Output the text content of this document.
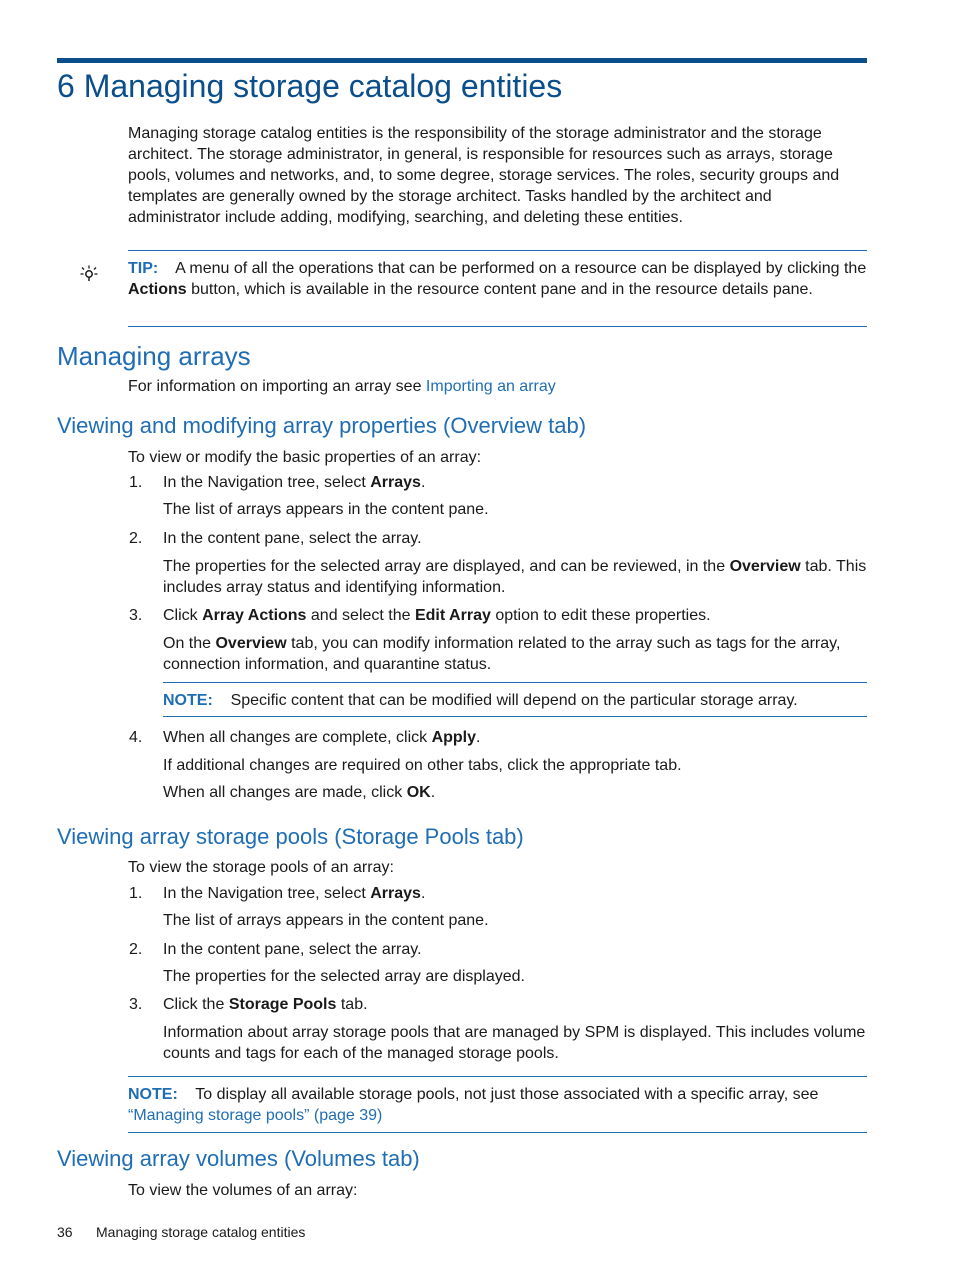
6 Managing storage catalog entities
Managing storage catalog entities is the responsibility of the storage administrator and the storage architect. The storage administrator, in general, is responsible for resources such as arrays, storage pools, volumes and networks, and, to some degree, storage services. The roles, security groups and templates are generally owned by the storage architect. Tasks handled by the architect and administrator include adding, modifying, searching, and deleting these entities.
TIP: A menu of all the operations that can be performed on a resource can be displayed by clicking the Actions button, which is available in the resource content pane and in the resource details pane.
Managing arrays
For information on importing an array see Importing an array
Viewing and modifying array properties (Overview tab)
To view or modify the basic properties of an array:
1. In the Navigation tree, select Arrays.
The list of arrays appears in the content pane.
2. In the content pane, select the array.
The properties for the selected array are displayed, and can be reviewed, in the Overview tab. This includes array status and identifying information.
3. Click Array Actions and select the Edit Array option to edit these properties.
On the Overview tab, you can modify information related to the array such as tags for the array, connection information, and quarantine status.
NOTE: Specific content that can be modified will depend on the particular storage array.
4. When all changes are complete, click Apply.
If additional changes are required on other tabs, click the appropriate tab.
When all changes are made, click OK.
Viewing array storage pools (Storage Pools tab)
To view the storage pools of an array:
1. In the Navigation tree, select Arrays.
The list of arrays appears in the content pane.
2. In the content pane, select the array.
The properties for the selected array are displayed.
3. Click the Storage Pools tab.
Information about array storage pools that are managed by SPM is displayed. This includes volume counts and tags for each of the managed storage pools.
NOTE: To display all available storage pools, not just those associated with a specific array, see “Managing storage pools” (page 39)
Viewing array volumes (Volumes tab)
To view the volumes of an array:
36 Managing storage catalog entities
